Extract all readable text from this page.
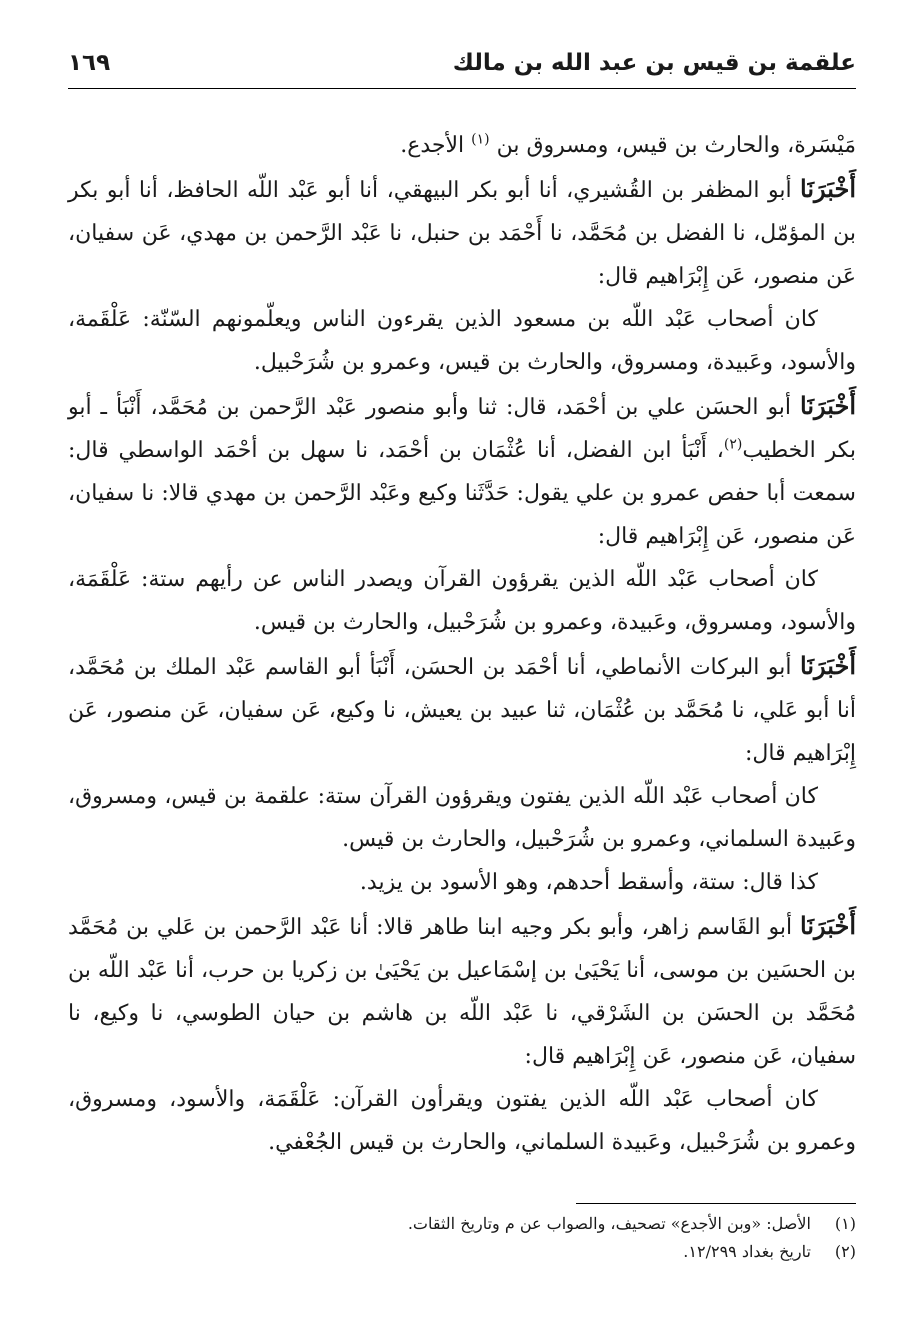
علقمة بن قيس بن عبد الله بن مالك
١٦٩

مَيْسَرة، والحارث بن قيس، ومسروق بن $^{(١)}$ الأجدع.

أَخْبَرَنَا أبو المظفر بن القُشيري، أنا أبو بكر البيهقي، أنا أبو عَبْد اللّه الحافظ، أنا أبو بكر بن المؤمّل، نا الفضل بن مُحَمَّد، نا أَحْمَد بن حنبل، نا عَبْد الرَّحمن بن مهدي، عَن سفيان، عَن منصور، عَن إِبْرَاهيم قال:

كان أصحاب عَبْد اللّه بن مسعود الذين يقرءون الناس ويعلّمونهم السّنّة: عَلْقَمة، والأسود، وعَبيدة، ومسروق، والحارث بن قيس، وعمرو بن شُرَحْبيل.

أَخْبَرَنَا أبو الحسَن علي بن أحْمَد، قال: ثنا وأبو منصور عَبْد الرَّحمن بن مُحَمَّد، أَنْبَأ ـ أبو بكر الخطيب$^{(٢)}$، أَنْبَأ ابن الفضل، أنا عُثْمَان بن أحْمَد، نا سهل بن أحْمَد الواسطي قال: سمعت أبا حفص عمرو بن علي يقول: حَدَّثَنا وكيع وعَبْد الرَّحمن بن مهدي قالا: نا سفيان، عَن منصور، عَن إِبْرَاهيم قال:

كان أصحاب عَبْد اللّه الذين يقرؤون القرآن ويصدر الناس عن رأيهم ستة: عَلْقَمَة، والأسود، ومسروق، وعَبيدة، وعمرو بن شُرَحْبيل، والحارث بن قيس.

أَخْبَرَنَا أبو البركات الأنماطي، أنا أحْمَد بن الحسَن، أَنْبَأ أبو القاسم عَبْد الملك بن مُحَمَّد، أنا أبو عَلي، نا مُحَمَّد بن عُثْمَان، ثنا عبيد بن يعيش، نا وكيع، عَن سفيان، عَن منصور، عَن إِبْرَاهيم قال:

كان أصحاب عَبْد اللّه الذين يفتون ويقرؤون القرآن ستة: علقمة بن قيس، ومسروق، وعَبيدة السلماني، وعمرو بن شُرَحْبيل، والحارث بن قيس.

كذا قال: ستة، وأسقط أحدهم، وهو الأسود بن يزيد.

أَخْبَرَنَا أبو القَاسم زاهر، وأبو بكر وجيه ابنا طاهر قالا: أنا عَبْد الرَّحمن بن عَلي بن مُحَمَّد بن الحسَين بن موسى، أنا يَحْيَىٰ بن إسْمَاعيل بن يَحْيَىٰ بن زكريا بن حرب، أنا عَبْد اللّه بن مُحَمَّد بن الحسَن بن الشَرْقي، نا عَبْد اللّه بن هاشم بن حيان الطوسي، نا وكيع، نا سفيان، عَن منصور، عَن إِبْرَاهيم قال:

كان أصحاب عَبْد اللّه الذين يفتون ويقرأون القرآن: عَلْقَمَة، والأسود، ومسروق، وعمرو بن شُرَحْبيل، وعَبيدة السلماني، والحارث بن قيس الجُعْفي.

(١) الأصل: «وبن الأجدع» تصحيف، والصواب عن م وتاريخ الثقات.

(٢) تاريخ بغداد ١٢/٢٩٩.
